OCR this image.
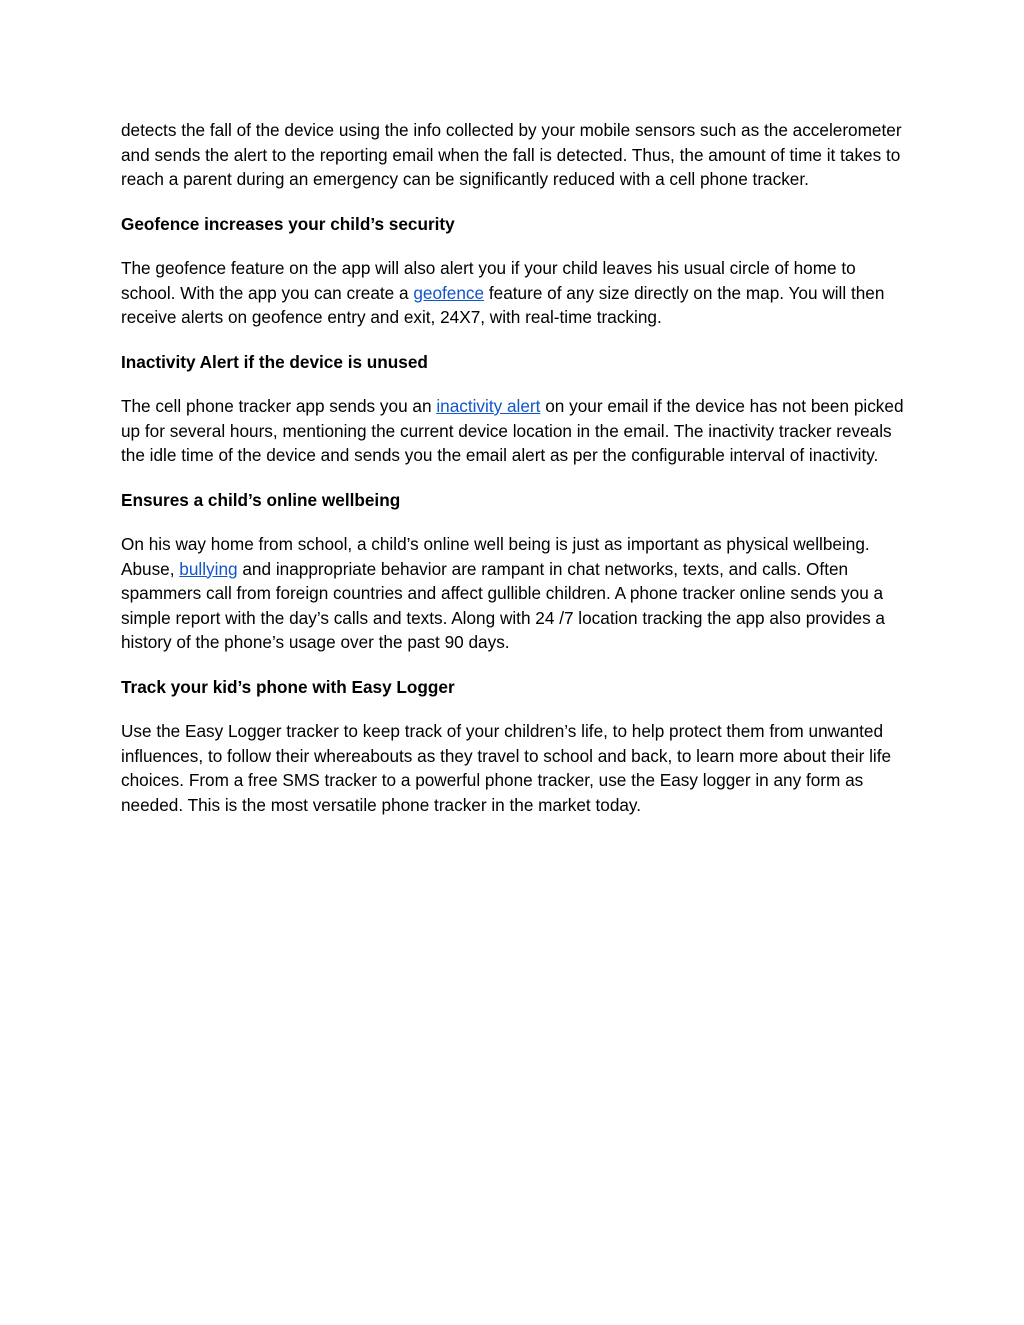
detects the fall of the device using the info collected by your mobile sensors such as the accelerometer and sends the alert to the reporting email when the fall is detected. Thus, the amount of time it takes to reach a parent during an emergency can be significantly reduced with a cell phone tracker.

Geofence increases your child’s security

The geofence feature on the app will also alert you if your child leaves his usual circle of home to school. With the app you can create a geofence feature of any size directly on the map. You will then receive alerts on geofence entry and exit, 24X7, with real-time tracking.

Inactivity Alert if the device is unused

The cell phone tracker app sends you an inactivity alert on your email if the device has not been picked up for several hours, mentioning the current device location in the email. The inactivity tracker reveals the idle time of the device and sends you the email alert as per the configurable interval of inactivity.

Ensures a child’s online wellbeing

On his way home from school, a child’s online well being is just as important as physical wellbeing. Abuse, bullying and inappropriate behavior are rampant in chat networks, texts, and calls. Often spammers call from foreign countries and affect gullible children. A phone tracker online sends you a simple report with the day’s calls and texts. Along with 24 /7 location tracking the app also provides a history of the phone’s usage over the past 90 days.

Track your kid’s phone with Easy Logger

Use the Easy Logger tracker to keep track of your children’s life, to help protect them from unwanted influences, to follow their whereabouts as they travel to school and back, to learn more about their life choices. From a free SMS tracker to a powerful phone tracker, use the Easy logger in any form as needed. This is the most versatile phone tracker in the market today.
